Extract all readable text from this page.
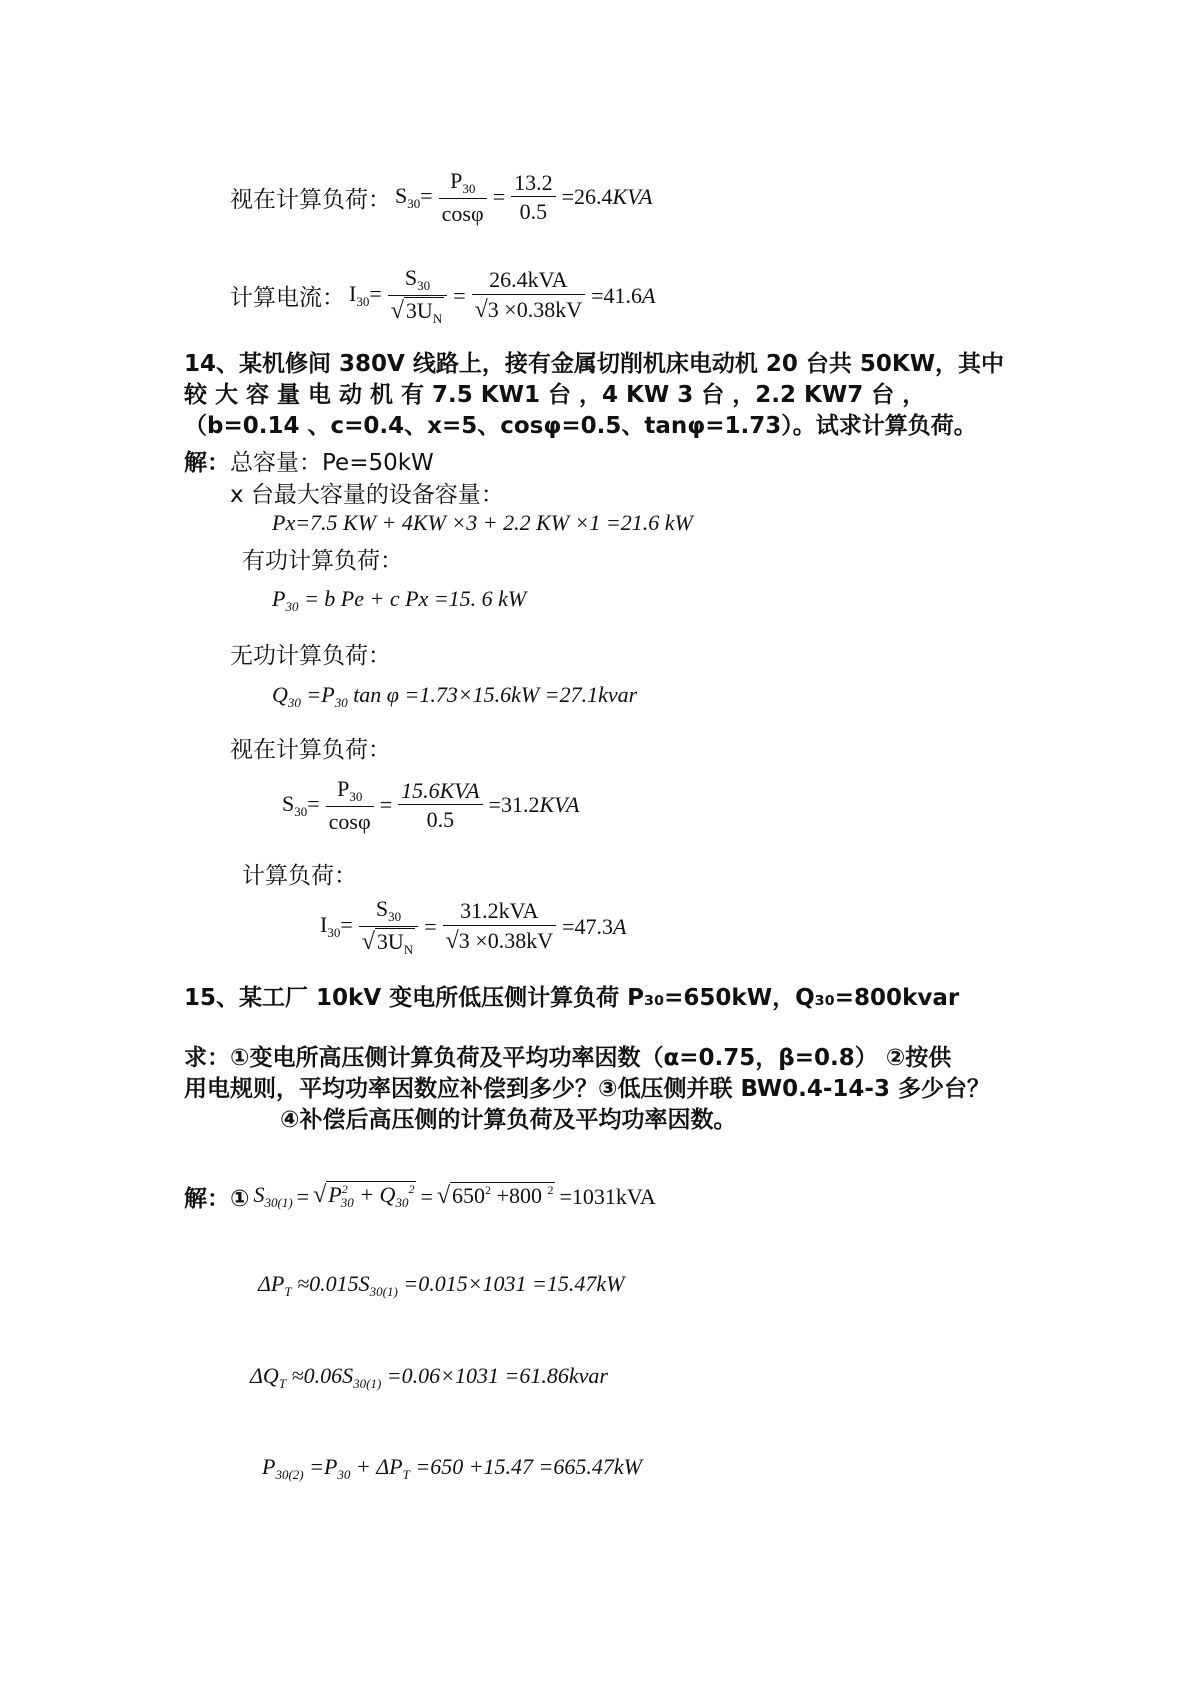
视在计算负荷： $S_{30}= \frac{P_{30}}{\cos\varphi} = \frac{13.2}{0.5} =26.4KVA$
计算电流： $I_{30}= \frac{S_{30}}{√3U_N} = \frac{\text{26.4kVA}}{√3 \times 0.38kV} =41.6A$
14、某机修间 380V 线路上，接有金属切削机床电动机 20 台共 50KW，其中
较 大 容 量 电 动 机 有 7.5 KW1 台 ，4 KW 3 台 ，2.2 KW7 台 ，
（b=0.14 、c=0.4、x=5、cosφ=0.5、tanφ=1.73）。试求计算负荷。
解：总容量：Pe=50kW
x 台最大容量的设备容量：
Px=7.5 KW + 4KW ×3 + 2.2 KW ×1 =21.6 kW
有功计算负荷：
$P_{30} = b$ Pe + c Px =15. 6 kW
无功计算负荷：
$Q_{30} =P_{30}$ tan φ =1.73×15.6kW =27.1kvar
视在计算负荷：
$S_{30}= \frac{P_{30}}{\cos\varphi} = \frac{\text{15.6KVA}}{0.5} =31.2KVA$
计算负荷：
$I_{30}= \frac{S_{30}}{√3U_N} = \frac{\text{31.2kVA}}{√3 \times 0.38kV} =47.3A$
15、某工厂 10kV 变电所低压侧计算负荷 P₃₀=650kW，Q₃₀=800kvar
求：①变电所高压侧计算负荷及平均功率因数（α=0.75，β=0.8） ②按供
用电规则，平均功率因数应补偿到多少？③低压侧并联 BW0.4-14-3 多少台？
④补偿后高压侧的计算负荷及平均功率因数。
解：① $S_{30(1)} = √P^2_{30} + Q_{30}^2 = √650^2 +800$ $^2$ =1031kVA
$\Delta P_T \approx 0.015S_{30(1)} =0.015\times 1031 =15.47kW$
$\Delta Q_T \approx 0.06S_{30(1)} =0.06\times 1031$ =61.86kvar
$P_{30(2)} =P_{30} + \Delta P_T =650 +15.47 =665.47kW$
